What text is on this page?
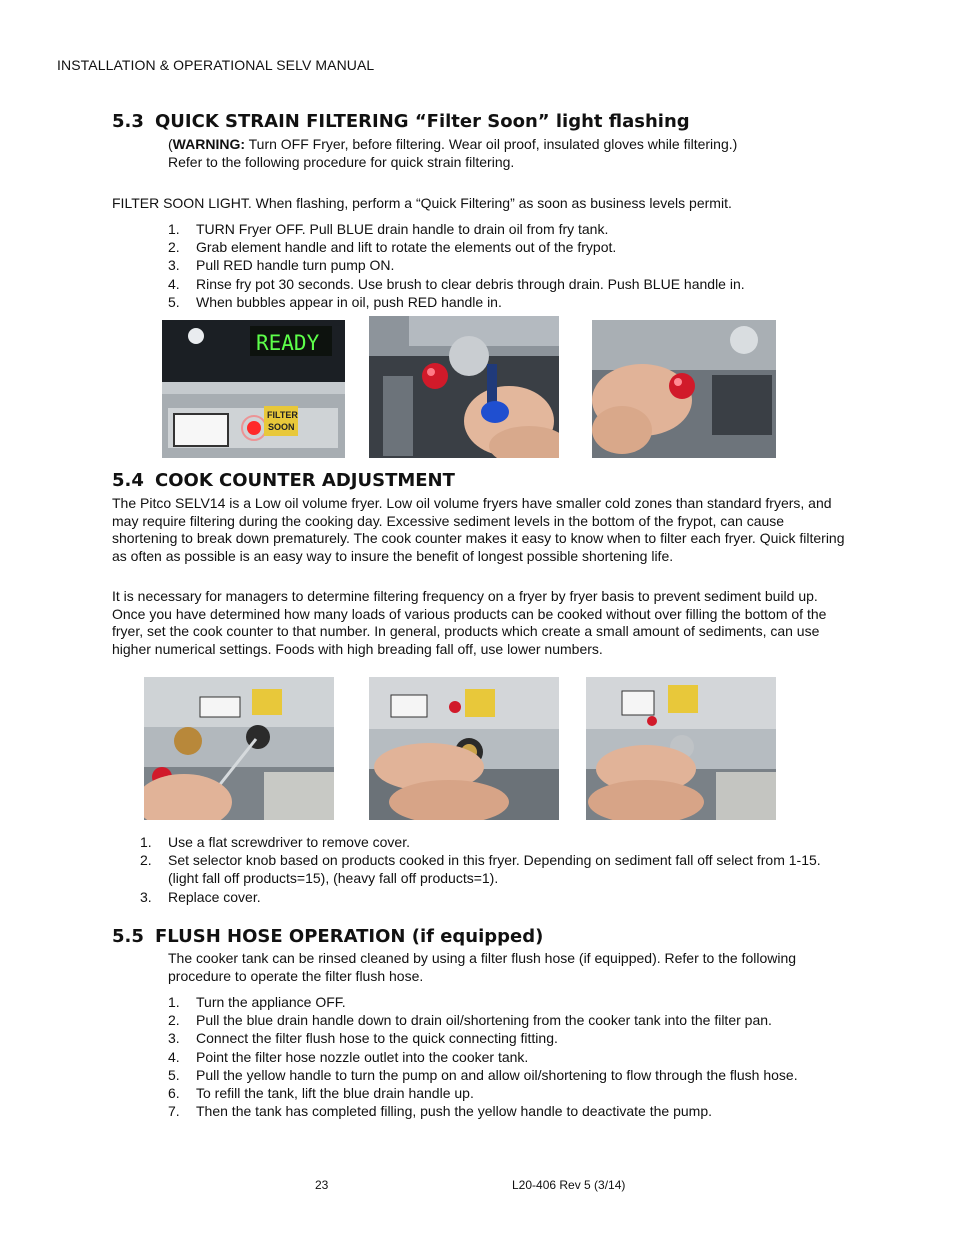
INSTALLATION & OPERATIONAL SELV MANUAL
5.3 QUICK STRAIN FILTERING “Filter Soon” light flashing
(WARNING: Turn OFF Fryer, before filtering. Wear oil proof, insulated gloves while filtering.)
Refer to the following procedure for quick strain filtering.
FILTER SOON LIGHT. When flashing, perform a “Quick Filtering” as soon as business levels permit.
1. TURN Fryer OFF. Pull BLUE drain handle to drain oil from fry tank.
2. Grab element handle and lift to rotate the elements out of the frypot.
3. Pull RED handle turn pump ON.
4. Rinse fry pot 30 seconds. Use brush to clear debris through drain. Push BLUE handle in.
5. When bubbles appear in oil, push RED handle in.
READY
FILTER
SOON
5.4 COOK COUNTER ADJUSTMENT
The Pitco SELV14 is a Low oil volume fryer. Low oil volume fryers have smaller cold zones than standard fryers, and may require filtering during the cooking day. Excessive sediment levels in the bottom of the frypot, can cause shortening to break down prematurely. The cook counter makes it easy to know when to filter each fryer. Quick filtering as often as possible is an easy way to insure the benefit of longest possible shortening life.
It is necessary for managers to determine filtering frequency on a fryer by fryer basis to prevent sediment build up. Once you have determined how many loads of various products can be cooked without over filling the bottom of the fryer, set the cook counter to that number. In general, products which create a small amount of sediments, can use higher numerical settings. Foods with high breading fall off, use lower numbers.
1. Use a flat screwdriver to remove cover.
2. Set selector knob based on products cooked in this fryer. Depending on sediment fall off select from 1-15. (light fall off products=15), (heavy fall off products=1).
3. Replace cover.
5.5 FLUSH HOSE OPERATION (if equipped)
The cooker tank can be rinsed cleaned by using a filter flush hose (if equipped). Refer to the following procedure to operate the filter flush hose.
1. Turn the appliance OFF.
2. Pull the blue drain handle down to drain oil/shortening from the cooker tank into the filter pan.
3. Connect the filter flush hose to the quick connecting fitting.
4. Point the filter hose nozzle outlet into the cooker tank.
5. Pull the yellow handle to turn the pump on and allow oil/shortening to flow through the flush hose.
6. To refill the tank, lift the blue drain handle up.
7. Then the tank has completed filling, push the yellow handle to deactivate the pump.
23	L20-406 Rev 5 (3/14)
